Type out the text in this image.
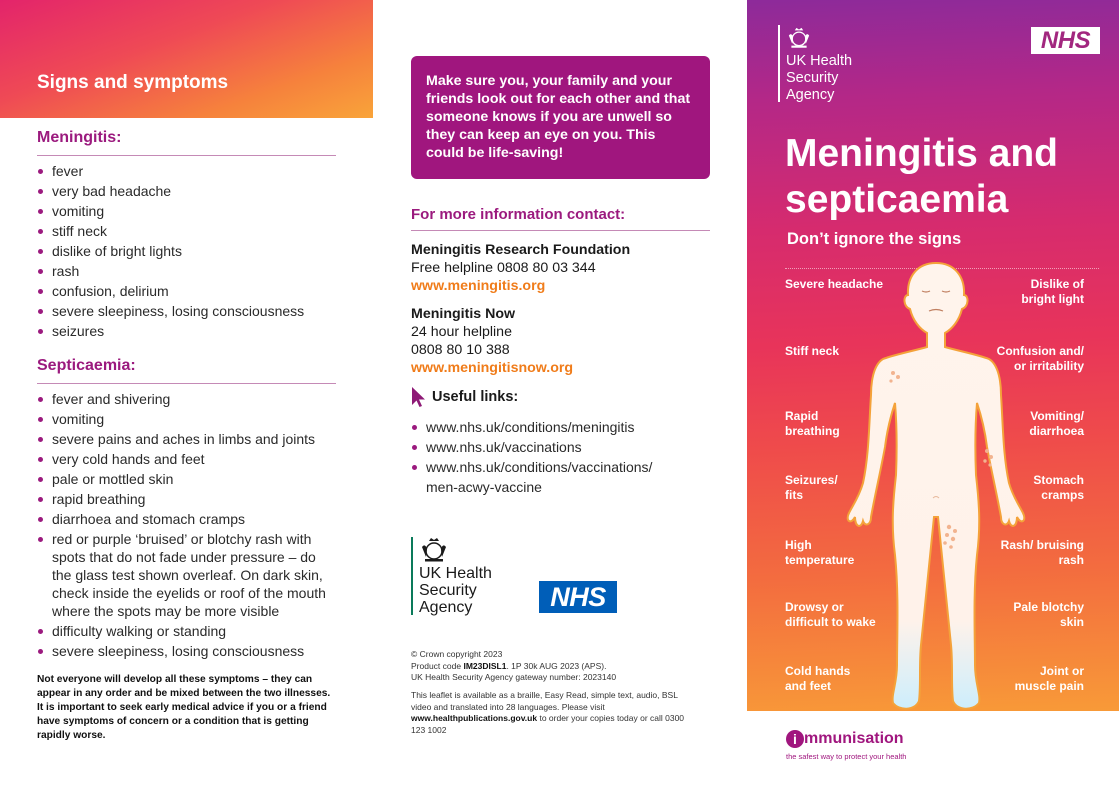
Signs and symptoms
Meningitis:
fever
very bad headache
vomiting
stiff neck
dislike of bright lights
rash
confusion, delirium
severe sleepiness, losing consciousness
seizures
Septicaemia:
fever and shivering
vomiting
severe pains and aches in limbs and joints
very cold hands and feet
pale or mottled skin
rapid breathing
diarrhoea and stomach cramps
red or purple ‘bruised’ or blotchy rash with spots that do not fade under pressure – do the glass test shown overleaf. On dark skin, check inside the eyelids or roof of the mouth where the spots may be more visible
difficulty walking or standing
severe sleepiness, losing consciousness

Not everyone will develop all these symptoms – they can appear in any order and be mixed between the two illnesses. It is important to seek early medical advice if you or a friend have symptoms of concern or a condition that is getting rapidly worse.

Make sure you, your family and your friends look out for each other and that someone knows if you are unwell so they can keep an eye on you. This could be life-saving!
For more information contact:
Meningitis Research Foundation
Free helpline 0808 80 03 344
www.meningitis.org
Meningitis Now
24 hour helpline
0808 80 10 388
www.meningitisnow.org
Useful links:
www.nhs.uk/conditions/meningitis
www.nhs.uk/vaccinations
www.nhs.uk/conditions/vaccinations/ men-acwy-vaccine
UK Health
Security
Agency	NHS
© Crown copyright 2023
Product code IM23DISL1. 1P 30k AUG 2023 (APS).
UK Health Security Agency gateway number: 2023140
This leaflet is available as a braille, Easy Read, simple text, audio, BSL video and translated into 28 languages. Please visit www.healthpublications.gov.uk to order your copies today or call 0300 123 1002
UK Health
Security
Agency
NHS
Meningitis and septicaemia
Don’t ignore the signs
Severe headache
Stiff neck
Rapid breathing
Seizures/ fits
High temperature
Drowsy or difficult to wake
Cold hands and feet
Dislike of bright light
Confusion and/ or irritability
Vomiting/ diarrhoea
Stomach cramps
Rash/ bruising rash
Pale blotchy skin
Joint or muscle pain
i mmunisation
the safest way to protect your health
